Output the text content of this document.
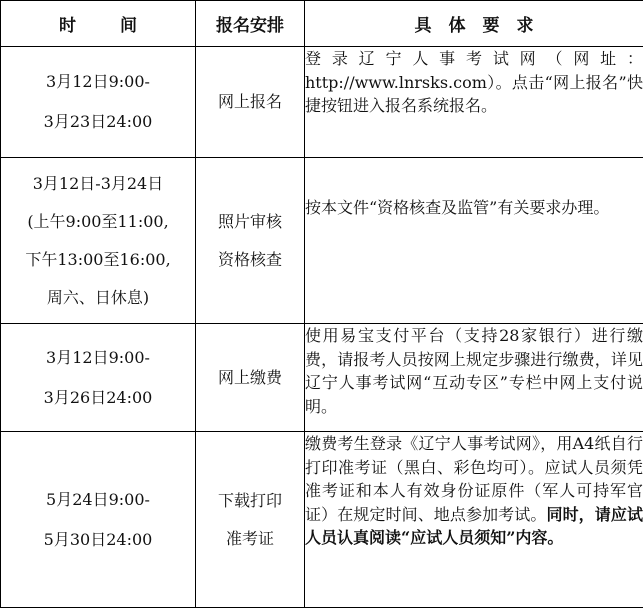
时 间	报名安排	具　体　要　求

3月12日9:00-
3月23日24:00	网上报名	登录辽宁人事考试网（网址：http://www.lnrsks.com）。点击“网上报名”快捷按钮进入报名系统报名。

3月12日-3月24日
(上午9:00至11:00,
下午13:00至16:00,
周六、日休息)	照片审核
资格核查	按本文件“资格核查及监管”有关要求办理。

3月12日9:00-
3月26日24:00	网上缴费	使用易宝支付平台（支持28家银行）进行缴费，请报考人员按网上规定步骤进行缴费，详见辽宁人事考试网“互动专区”专栏中网上支付说明。

5月24日9:00-
5月30日24:00	下载打印
准考证	缴费考生登录《辽宁人事考试网》，用A4纸自行打印准考证（黑白、彩色均可）。应试人员须凭准考证和本人有效身份证原件（军人可持军官证）在规定时间、地点参加考试。同时，请应试人员认真阅读“应试人员须知”内容。
